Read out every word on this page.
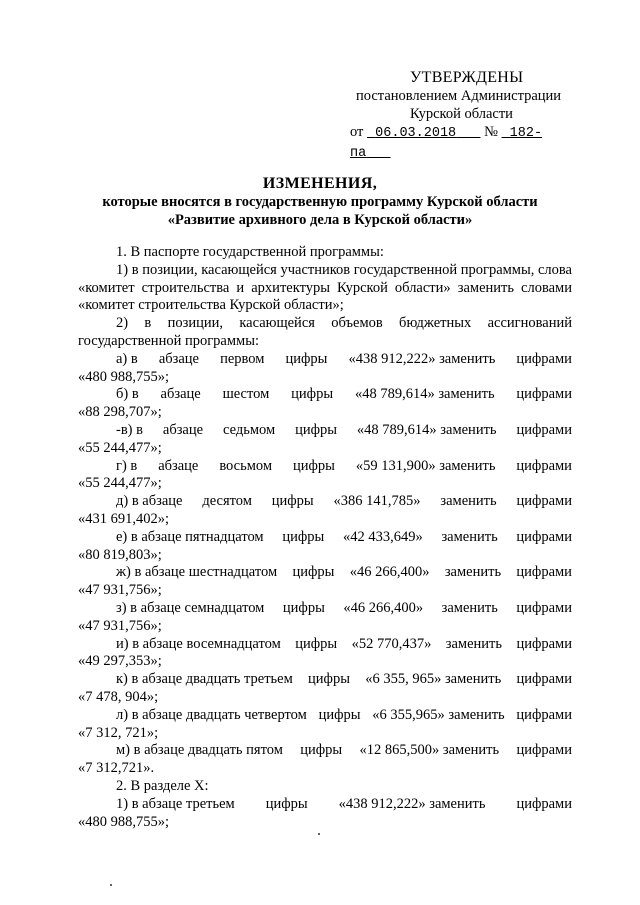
УТВЕРЖДЕНЫ
постановлением Администрации
Курской области
от 06.03.2018 № 182-па
ИЗМЕНЕНИЯ,
которые вносятся в государственную программу Курской области
«Развитие архивного дела в Курской области»

1. В паспорте государственной программы:

1) в позиции, касающейся участников государственной программы, слова «комитет строительства и архитектуры Курской области» заменить словами «комитет строительства Курской области»;

2) в позиции, касающейся объемов бюджетных ассигнований государственной программы:

а) в абзаце первом цифры «438 912,222» заменить цифрами

«480 988,755»;

б) в абзаце шестом цифры «48 789,614» заменить цифрами

«88 298,707»;

-в) в абзаце седьмом цифры «48 789,614» заменить цифрами

«55 244,477»;

г) в абзаце восьмом цифры «59 131,900» заменить цифрами

«55 244,477»;

д) в абзаце десятом цифры «386 141,785» заменить цифрами

«431 691,402»;

е) в абзаце пятнадцатом цифры «42 433,649» заменить цифрами

«80 819,803»;

ж) в абзаце шестнадцатом цифры «46 266,400» заменить цифрами

«47 931,756»;

з) в абзаце семнадцатом цифры «46 266,400» заменить цифрами

«47 931,756»;

и) в абзаце восемнадцатом цифры «52 770,437» заменить цифрами

«49 297,353»;

к) в абзаце двадцать третьем цифры «6 355, 965» заменить цифрами

«7 478, 904»;

л) в абзаце двадцать четвертом цифры «6 355,965» заменить цифрами

«7 312, 721»;

м) в абзаце двадцать пятом цифры «12 865,500» заменить цифрами

«7 312,721».

2. В разделе X:

1) в абзаце третьем цифры «438 912,222» заменить цифрами

«480 988,755»;
